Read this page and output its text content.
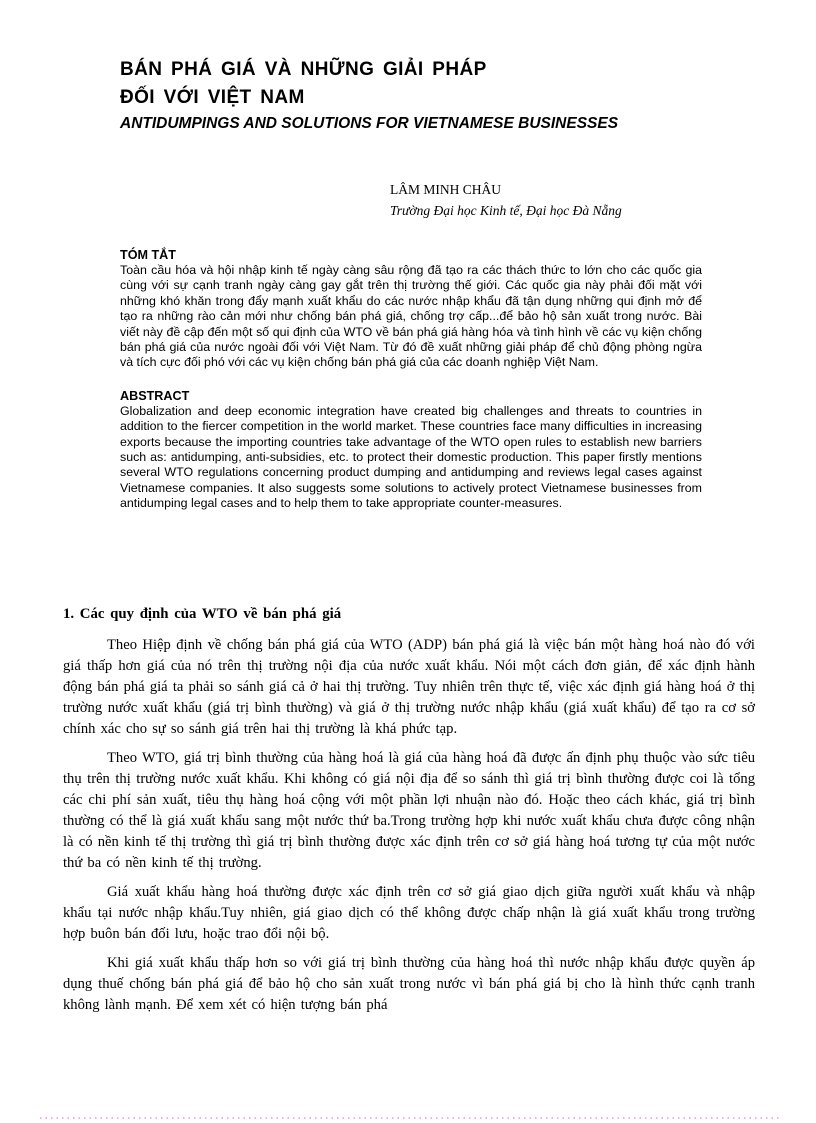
BÁN PHÁ GIÁ VÀ NHỮNG GIẢI PHÁP
ĐỐI VỚI VIỆT NAM
ANTIDUMPINGS AND SOLUTIONS FOR VIETNAMESE BUSINESSES
LÂM MINH CHÂU
Trường Đại học Kinh tế, Đại học Đà Nẵng
TÓM TẮT

Toàn cầu hóa và hội nhập kinh tế ngày càng sâu rộng đã tạo ra các thách thức to lớn cho các quốc gia cùng với sự cạnh tranh ngày càng gay gắt trên thị trường thế giới. Các quốc gia này phải đối mặt với những khó khăn trong đẩy mạnh xuất khẩu do các nước nhập khẩu đã tận dụng những qui định mở để tạo ra những rào cản mới như chống bán phá giá, chống trợ cấp...để bảo hộ sản xuất trong nước. Bài viết này đề cập đến một số qui định của WTO về bán phá giá hàng hóa và tình hình về các vụ kiện chống bán phá giá của nước ngoài đối với Việt Nam. Từ đó đề xuất những giải pháp để chủ động phòng ngừa và tích cực đối phó với các vụ kiện chống bán phá giá của các doanh nghiệp Việt Nam.

ABSTRACT

Globalization and deep economic integration have created big challenges and threats to countries in addition to the fiercer competition in the world market. These countries face many difficulties in increasing exports because the importing countries take advantage of the WTO open rules to establish new barriers such as: antidumping, anti-subsidies, etc. to protect their domestic production. This paper firstly mentions several WTO regulations concerning product dumping and antidumping and reviews legal cases against Vietnamese companies. It also suggests some solutions to actively protect Vietnamese businesses from antidumping legal cases and to help them to take appropriate counter-measures.

1. Các quy định của WTO về bán phá giá

Theo Hiệp định về chống bán phá giá của WTO (ADP) bán phá giá là việc bán một hàng hoá nào đó với giá thấp hơn giá của nó trên thị trường nội địa của nước xuất khẩu. Nói một cách đơn giản, để xác định hành động bán phá giá ta phải so sánh giá cả ở hai thị trường. Tuy nhiên trên thực tế, việc xác định giá hàng hoá ở thị trường nước xuất khẩu (giá trị bình thường) và giá ở thị trường nước nhập khẩu (giá xuất khẩu) để tạo ra cơ sở chính xác cho sự so sánh giá trên hai thị trường là khá phức tạp.

Theo WTO, giá trị bình thường của hàng hoá là giá của hàng hoá đã được ấn định phụ thuộc vào sức tiêu thụ trên thị trường nước xuất khẩu. Khi không có giá nội địa để so sánh thì giá trị bình thường được coi là tổng các chi phí sản xuất, tiêu thụ hàng hoá cộng với một phần lợi nhuận nào đó. Hoặc theo cách khác, giá trị bình thường có thể là giá xuất khẩu sang một nước thứ ba.Trong trường hợp khi nước xuất khẩu chưa được công nhận là có nền kinh tế thị trường thì giá trị bình thường được xác định trên cơ sở giá hàng hoá tương tự của một nước thứ ba có nền kinh tế thị trường.

Giá xuất khẩu hàng hoá thường được xác định trên cơ sở giá giao dịch giữa người xuất khẩu và nhập khẩu tại nước nhập khẩu.Tuy nhiên, giá giao dịch có thể không được chấp nhận là giá xuất khẩu trong trường hợp buôn bán đối lưu, hoặc trao đổi nội bộ.

Khi giá xuất khẩu thấp hơn so với giá trị bình thường của hàng hoá thì nước nhập khẩu được quyền áp dụng thuế chống bán phá giá để bảo hộ cho sản xuất trong nước vì bán phá giá bị cho là hình thức cạnh tranh không lành mạnh. Để xem xét có hiện tượng bán phá
